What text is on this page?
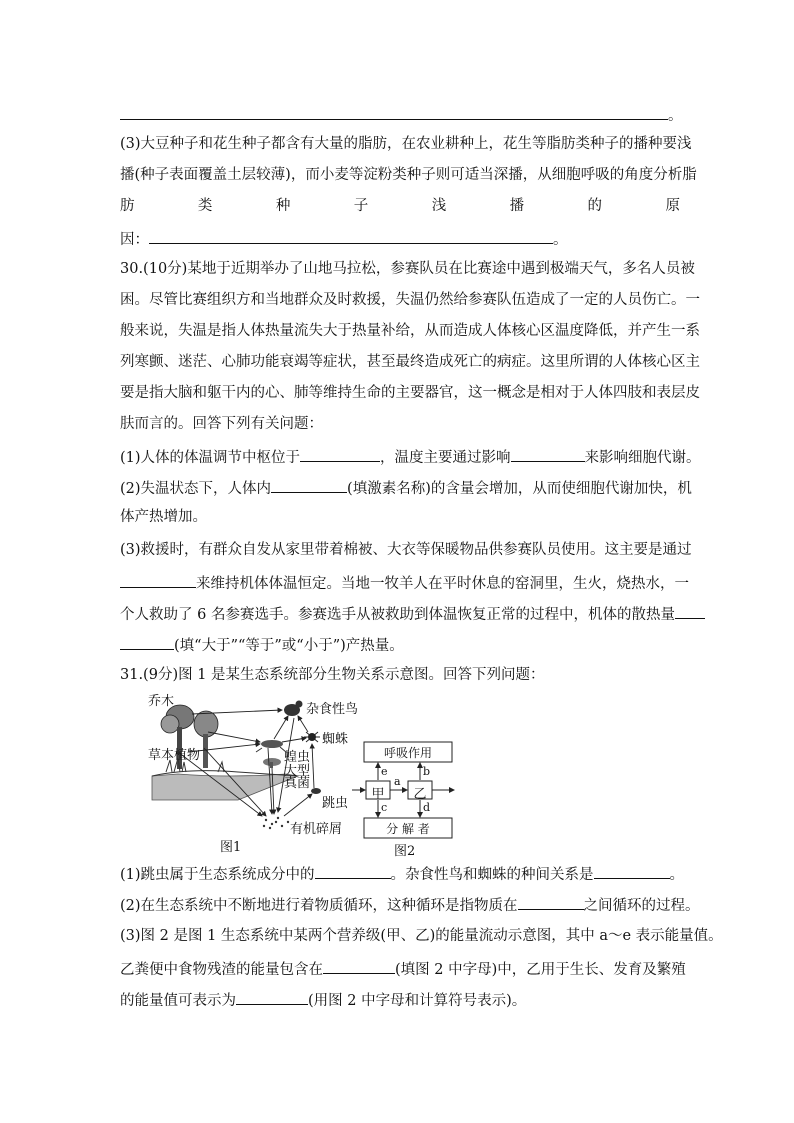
。
(3)大豆种子和花生种子都含有大量的脂肪，在农业耕种上，花生等脂肪类种子的播种要浅
播(种子表面覆盖土层较薄)，而小麦等淀粉类种子则可适当深播，从细胞呼吸的角度分析脂
肪	类	种	子	浅	播	的	原
因：	。
30.(10分)某地于近期举办了山地马拉松，参赛队员在比赛途中遇到极端天气，多名人员被
困。尽管比赛组织方和当地群众及时救援，失温仍然给参赛队伍造成了一定的人员伤亡。一
般来说，失温是指人体热量流失大于热量补给，从而造成人体核心区温度降低，并产生一系
列寒颤、迷茫、心肺功能衰竭等症状，甚至最终造成死亡的病症。这里所谓的人体核心区主
要是指大脑和躯干内的心、肺等维持生命的主要器官，这一概念是相对于人体四肢和表层皮
肤而言的。回答下列有关问题：
(1)人体的体温调节中枢位于	，温度主要通过影响	来影响细胞代谢。
(2)失温状态下，人体内	(填激素名称)的含量会增加，从而使细胞代谢加快，机
体产热增加。
(3)救援时，有群众自发从家里带着棉被、大衣等保暖物品供参赛队员使用。这主要是通过
来维持机体体温恒定。当地一牧羊人在平时休息的窑洞里，生火，烧热水，一
个人救助了 6 名参赛选手。参赛选手从被救助到体温恢复正常的过程中，机体的散热量
(填“大于”“等于”或“小于”)产热量。
31.(9分)图 1 是某生态系统部分生物关系示意图。回答下列问题：
乔木
杂食性鸟
蜘蛛
草本植物	蝗虫
大型
真菌
跳虫
有机碎屑
图1
呼吸作用
甲	乙
分 解 者
a
b
c	d
e
图2
(1)跳虫属于生态系统成分中的	。杂食性鸟和蜘蛛的种间关系是	。
(2)在生态系统中不断地进行着物质循环，这种循环是指物质在	之间循环的过程。
(3)图 2 是图 1 生态系统中某两个营养级(甲、乙)的能量流动示意图，其中 a～e 表示能量值。
乙粪便中食物残渣的能量包含在	(填图 2 中字母)中，乙用于生长、发育及繁殖
的能量值可表示为	(用图 2 中字母和计算符号表示)。
